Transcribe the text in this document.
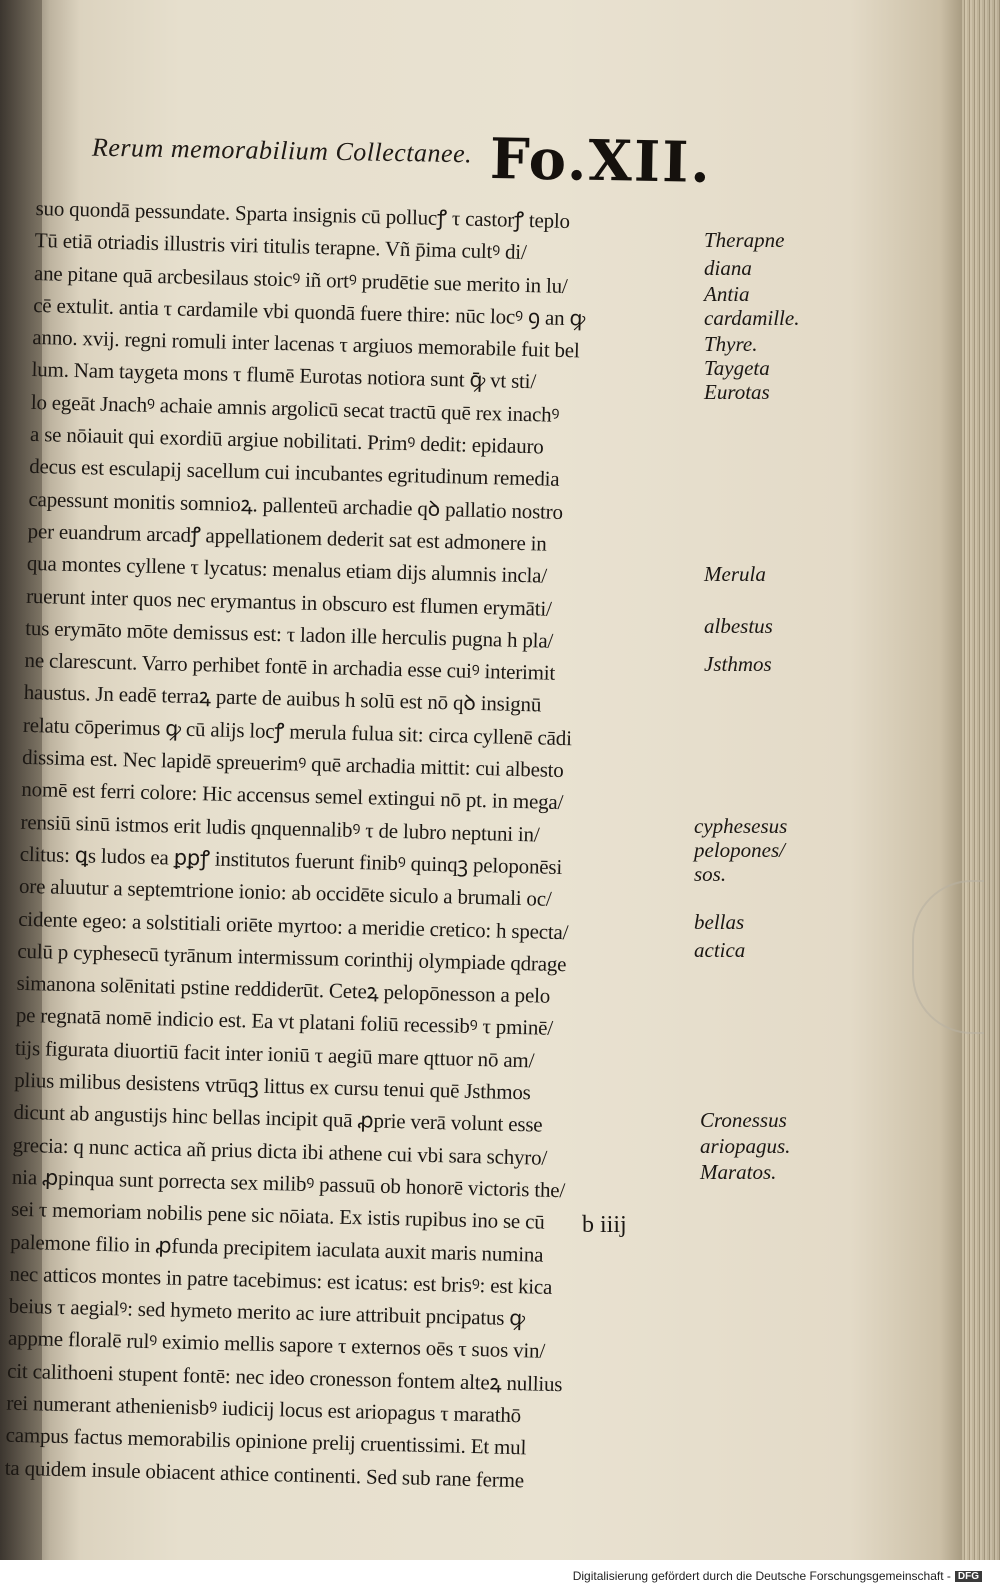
Rerum memorabilium Collectanee. Fo.XII.
suo quondā pessundate. Sparta insignis cū pollucꝭ τ castorꝭ teplo
Tū etiā otriadis illustris viri titulis terapne. Vñ p̄ima cultꝰ di/
ane pitane quā arcbesilaus stoicꝰ iñ ortꝰ prudētie sue merito in lu/
cē extulit. antia τ cardamile vbi quondā fuere thire: nūc locꝰ ꝯ an ꝙ
anno. xvij. regni romuli inter lacenas τ argiuos memorabile fuit bel
lum. Nam taygeta mons τ flumē Eurotas notiora sunt ꝙ̄ vt sti/
lo egeāt Jnachꝰ achaie amnis argolicū secat tractū quē rex inachꝰ
a se nōiauit qui exordiū argiue nobilitati. Primꝰ dedit: epidauro
decus est esculapij sacellum cui incubantes egritudinum remedia
capessunt monitis somnioꝝ. pallenteū archadie qꝺ pallatio nostro
per euandrum arcadꝭ appellationem dederit sat est admonere in
qua montes cyllene τ lycatus: menalus etiam dijs alumnis incla/
ruerunt inter quos nec erymantus in obscuro est flumen erymāti/
tus erymāto mōte demissus est: τ ladon ille herculis pugna h pla/
ne clarescunt. Varro perhibet fontē in archadia esse cuiꝰ interimit
haustus. Jn eadē terraꝝ parte de auibus h solū est nō qꝺ insignū
relatu cōperimus ꝙ cū alijs locꝭ merula fulua sit: circa cyllenē cādi
dissima est. Nec lapidē spreuerimꝰ quē archadia mittit: cui albesto
nomē est ferri colore: Hic accensus semel extingui nō pt. in mega/
rensiū sinū istmos erit ludis qnquennalibꝰ τ de lubro neptuni in/
clitus: ꝗs ludos ea ꝑꝑꝭ institutos fuerunt finibꝰ quinqꝫ peloponēsi
ore aluutur a septemtrione ionio: ab occidēte siculo a brumali oc/
cidente egeo: a solstitiali oriēte myrtoo: a meridie cretico: h specta/
culū p cyphesecū tyrānum intermissum corinthij olympiade qdrage
simanona solēnitati pstine reddiderūt. Ceteꝝ pelopōnesson a pelo
pe regnatā nomē indicio est. Ea vt platani foliū recessibꝰ τ pminē/
tijs figurata diuortiū facit inter ioniū τ aegiū mare qttuor nō am/
plius milibus desistens vtrūqꝫ littus ex cursu tenui quē Jsthmos
dicunt ab angustijs hinc bellas incipit quā ꝓprie verā volunt esse
grecia: q nunc actica añ prius dicta ibi athene cui vbi sara schyro/
nia ꝓpinqua sunt porrecta sex milibꝰ passuū ob honorē victoris the/
sei τ memoriam nobilis pene sic nōiata. Ex istis rupibus ino se cū
palemone filio in ꝓfunda precipitem iaculata auxit maris numina
nec atticos montes in patre tacebimus: est icatus: est brisꝰ: est kica
beius τ aegialꝰ: sed hymeto merito ac iure attribuit pncipatus ꝙ
appme floralē rulꝰ eximio mellis sapore τ externos oēs τ suos vin/
cit calithoeni stupent fontē: nec ideo cronesson fontem alteꝝ nullius
rei numerant athenienisbꝰ iudicij locus est ariopagus τ marathō
campus factus memorabilis opinione prelij cruentissimi. Et mul
ta quidem insule obiacent athice continenti. Sed sub rane ferme
b iiij
Therapne
diana
Antia
cardamille.
Thyre.
Taygeta
Eurotas
Merula
albestus
Jsthmos
cyphesesus
pelopones/
sos.
bellas
actica
Cronessus
ariopagus.
Maratos.
Digitalisierung gefördert durch die Deutsche Forschungsgemeinschaft - DFG
